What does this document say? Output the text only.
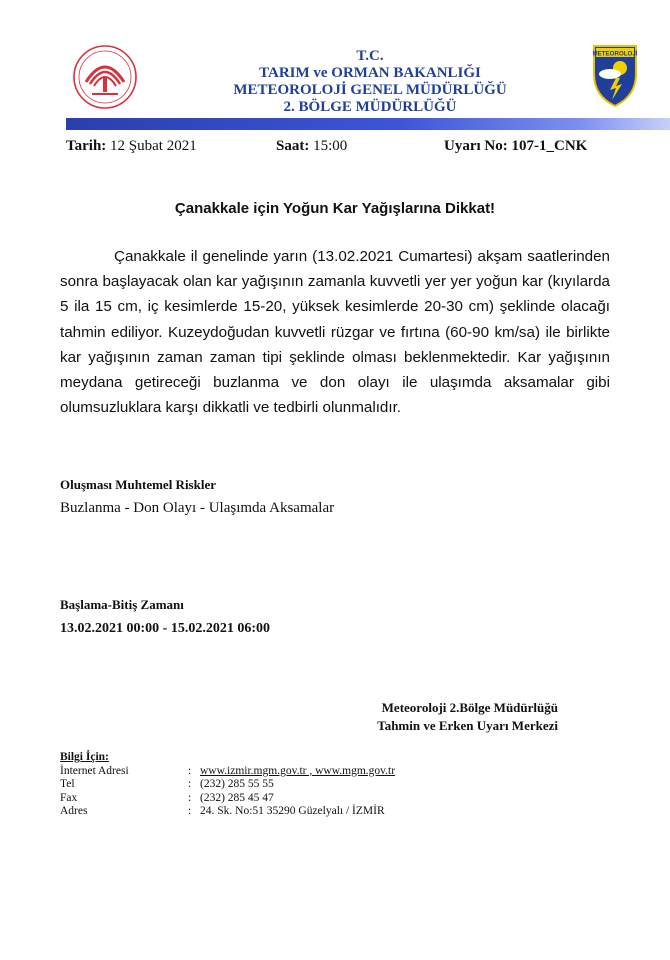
T.C.
TARIM ve ORMAN BAKANLIĞI
METEOROLOJİ GENEL MÜDÜRLÜĞÜ
2. BÖLGE MÜDÜRLÜĞÜ
METEOROLOJİ
Tarih: 12 Şubat 2021	Saat: 15:00	Uyarı No: 107-1_CNK
Çanakkale için Yoğun Kar Yağışlarına Dikkat!
Çanakkale il genelinde yarın (13.02.2021 Cumartesi) akşam saatlerinden sonra başlayacak olan kar yağışının zamanla kuvvetli yer yer yoğun kar (kıyılarda 5 ila 15 cm, iç kesimlerde 15-20, yüksek kesimlerde 20-30 cm) şeklinde olacağı tahmin ediliyor. Kuzeydoğudan kuvvetli rüzgar ve fırtına (60-90 km/sa) ile birlikte kar yağışının zaman zaman tipi şeklinde olması beklenmektedir. Kar yağışının meydana getireceği buzlanma ve don olayı ile ulaşımda aksamalar gibi olumsuzluklara karşı dikkatli ve tedbirli olunmalıdır.
Oluşması Muhtemel Riskler
Buzlanma - Don Olayı - Ulaşımda Aksamalar
Başlama-Bitiş Zamanı
13.02.2021 00:00 - 15.02.2021 06:00
Meteoroloji 2.Bölge Müdürlüğü
Tahmin ve Erken Uyarı Merkezi
Bilgi İçin:
İnternet Adresi	: www.izmir.mgm.gov.tr , www.mgm.gov.tr
Tel	: (232) 285 55 55
Fax	: (232) 285 45 47
Adres	: 24. Sk. No:51 35290 Güzelyalı / İZMİR
